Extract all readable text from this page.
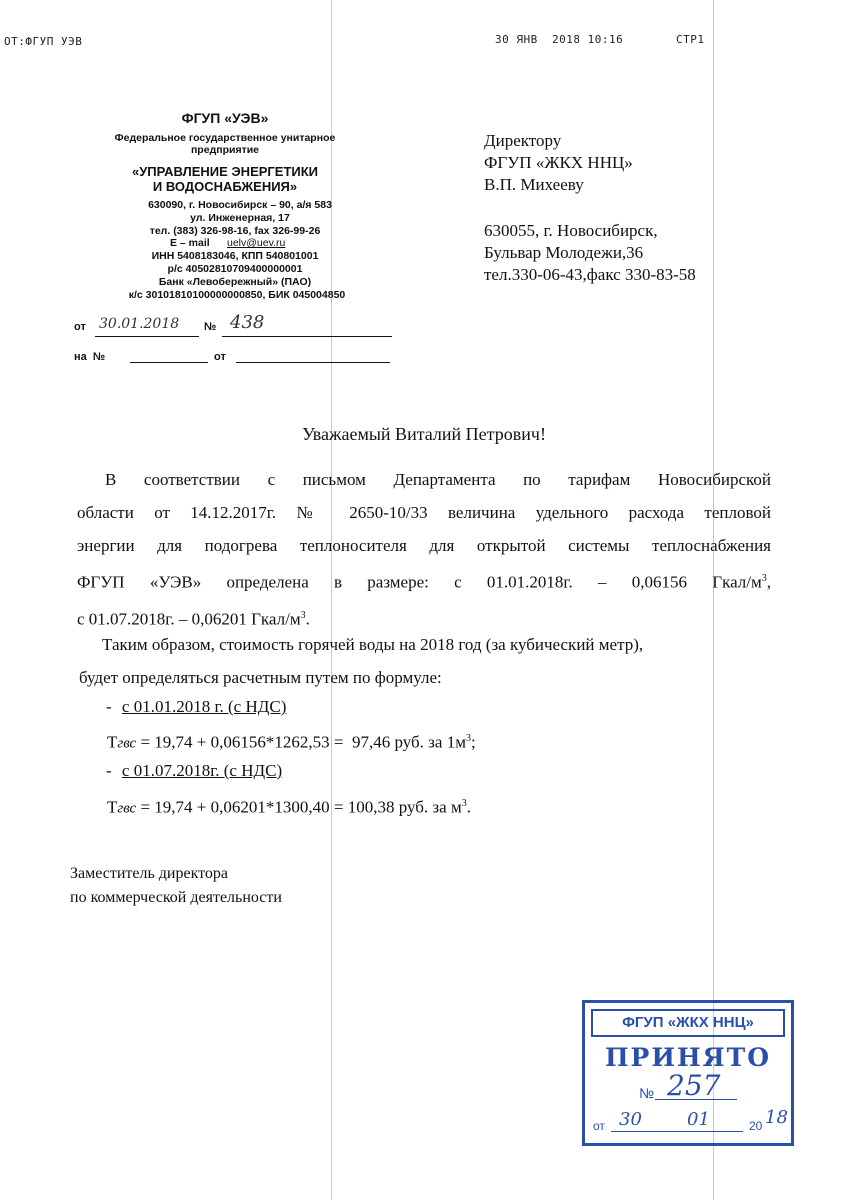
ОТ:ФГУП УЭВ	30 ЯНВ  2018 10:16	СТР1
ФГУП «УЭВ»
Федеральное государственное унитарное
предприятие
«УПРАВЛЕНИЕ ЭНЕРГЕТИКИ
И ВОДОСНАБЖЕНИЯ»
630090, г. Новосибирск – 90, а/я 583
ул. Инженерная, 17
тел. (383) 326-98-16, fax 326-99-26
E – mail uelv@uev.ru
ИНН 5408183046, КПП 540801001
р/с 40502810709400000001
Банк «Левобережный» (ПАО)
к/с 30101810100000000850, БИК 045004850
от 30.01.2018 № 438
на  №	от
Директору
ФГУП «ЖКХ ННЦ»
В.П. Михееву
630055, г. Новосибирск,
Бульвар Молодежи,36
тел.330-06-43,факс 330-83-58
Уважаемый Виталий Петрович!
В соответствии с письмом Департамента по тарифам Новосибирской
области от 14.12.2017г. № 2650-10/33 величина удельного расхода тепловой
энергии для подогрева теплоносителя для открытой системы теплоснабжения
ФГУП «УЭВ» определена в размере: с 01.01.2018г. – 0,06156 Гкал/$м^3$,
с 01.07.2018г. – 0,06201 Гкал/$м^3$.
Таким образом, стоимость горячей воды на 2018 год (за кубический метр),
будет определяться расчетным путем по формуле:
- с 01.01.2018 г. (с НДС)
Тгвс = 19,74 + 0,06156*1262,53 =  97,46 руб. за $1м^3$;
- с 01.07.2018г. (с НДС)
Тгвс = 19,74 + 0,06201*1300,40 = 100,38 руб. за $м^3$.
Заместитель директора
по коммерческой деятельности
ФГУП «ЖКХ ННЦ»
ПРИНЯТО
№ 257
от 30	01	20 18
